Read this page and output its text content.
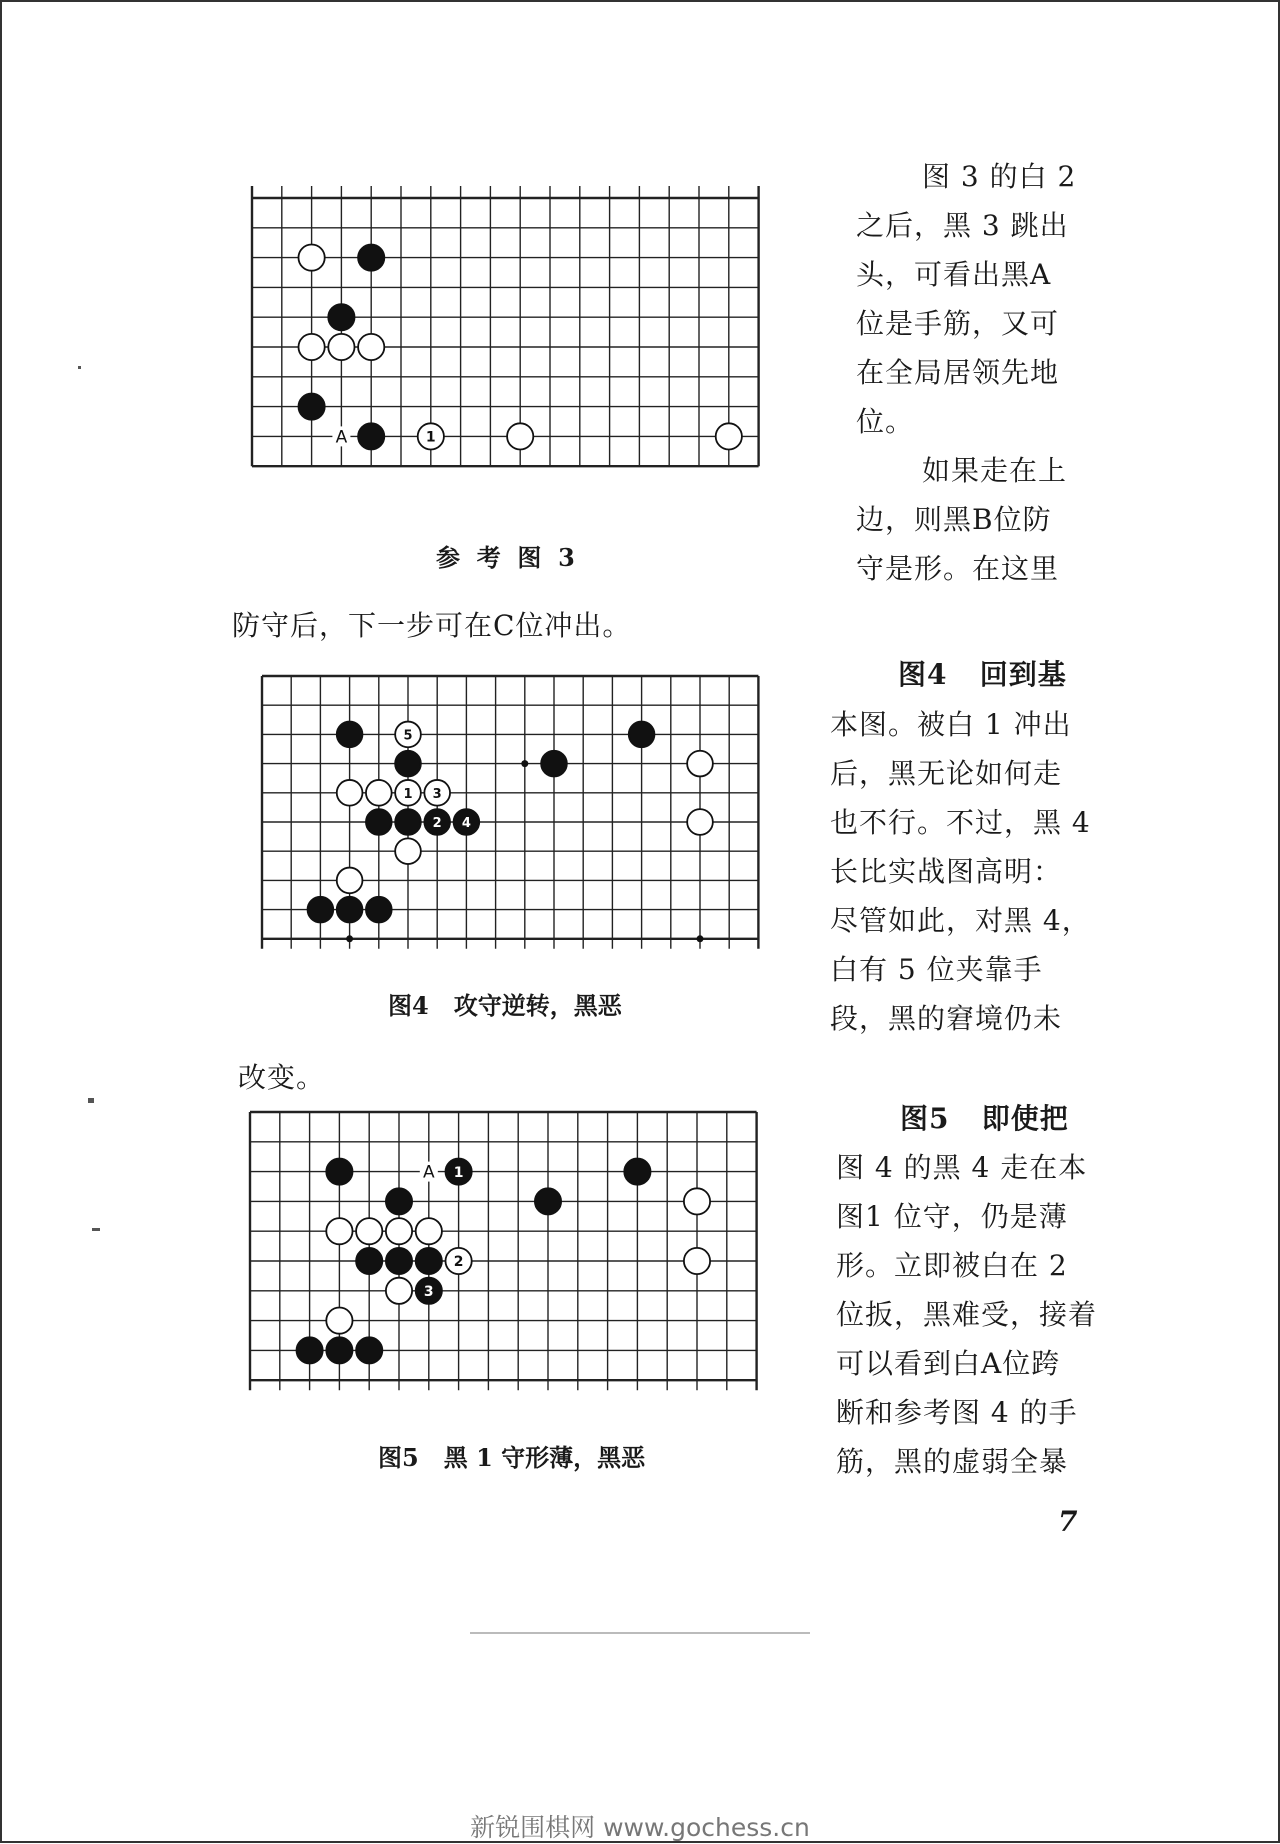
A	1
参  考  图  3
图 3 的白 2
之后，黑 3 跳出
头，可看出黑A
位是手筋，又可
在全局居领先地
位。
如果走在上
边，则黑B位防
守是形。在这里
防守后，下一步可在C位冲出。
5
1 3
2 4
图4   攻守逆转，黑恶
图4   回到基
本图。被白 1 冲出
后，黑无论如何走
也不行。不过，黑 4
长比实战图高明：
尽管如此，对黑 4，
白有 5 位夹靠手
段，黑的窘境仍未
改变。
A 1
2
3
图5   黑 1 守形薄，黑恶
图5   即使把
图 4 的黑 4 走在本
图1 位守，仍是薄
形。立即被白在 2
位扳，黑难受，接着
可以看到白A位跨
断和参考图 4 的手
筋，黑的虚弱全暴
7
新锐围棋网 www.gochess.cn
